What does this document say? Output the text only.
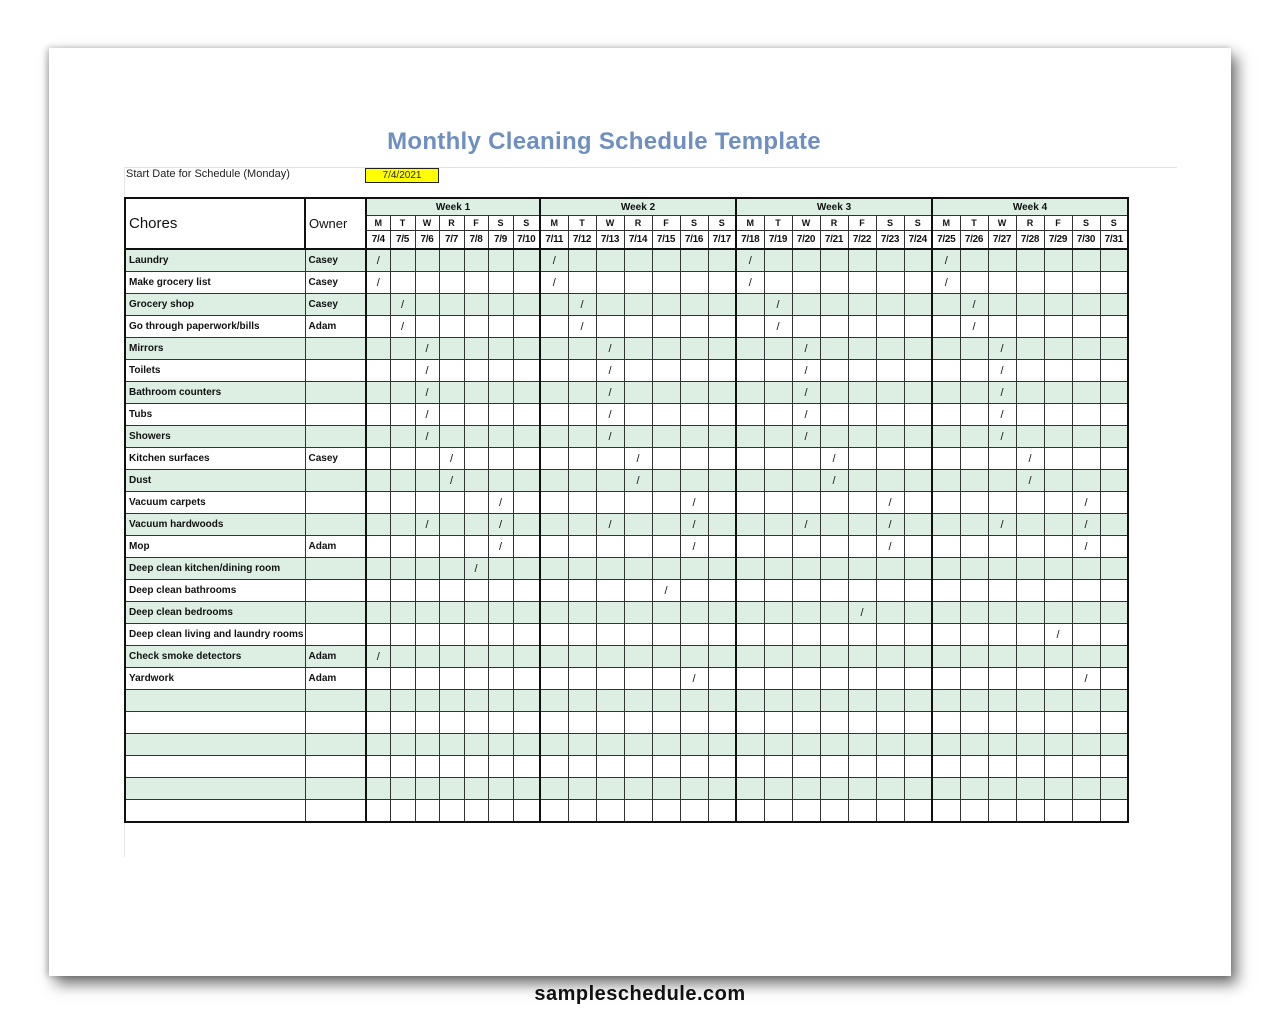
Monthly Cleaning Schedule Template
Start Date for Schedule (Monday)	7/4/2021
Chores	Owner	Week 1							Week 2							Week 3							Week 4						
		M	T	W	R	F	S	S	M	T	W	R	F	S	S	M	T	W	R	F	S	S	M	T	W	R	F	S	S
		7/4	7/5	7/6	7/7	7/8	7/9	7/10	7/11	7/12	7/13	7/14	7/15	7/16	7/17	7/18	7/19	7/20	7/21	7/22	7/23	7/24	7/25	7/26	7/27	7/28	7/29	7/30	7/31
Laundry	Casey	/							/							/							/						
Make grocery list	Casey	/							/							/							/						
Grocery shop	Casey		/							/							/							/					
Go through paperwork/bills	Adam		/							/							/							/					
Mirrors				/							/							/							/				
Toilets				/							/							/							/				
Bathroom counters				/							/							/							/				
Tubs				/							/							/							/				
Showers				/							/							/							/				
Kitchen surfaces	Casey				/							/							/							/			
Dust					/							/							/							/			
Vacuum carpets							/							/							/							/	
Vacuum hardwoods				/			/				/			/				/			/				/			/	
Mop	Adam						/							/							/							/	
Deep clean kitchen/dining room						/																							
Deep clean bathrooms													/																
Deep clean bedrooms																				/									
Deep clean living and laundry rooms																											/		
Check smoke detectors	Adam	/																											
Yardwork	Adam													/														/	

sampleschedule.com
